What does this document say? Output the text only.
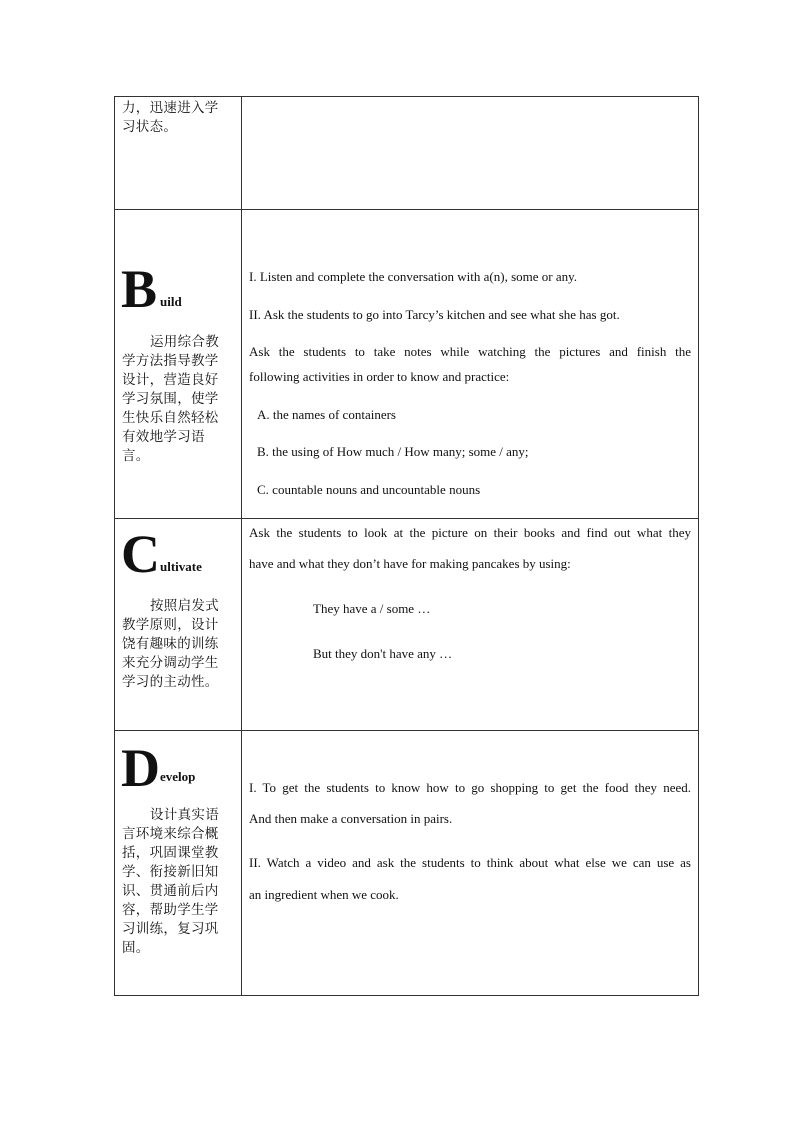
力，迅速进入学习状态。
B uild
运用综合教学方法指导教学设计，营造良好学习氛围，使学生快乐自然轻松有效地学习语言。
I. Listen and complete the conversation with a(n), some or any.
II. Ask the students to go into Tarcy’s kitchen and see what she has got.
Ask the students to take notes while watching the pictures and finish the
following activities in order to know and practice:
A. the names of containers
B. the using of How much / How many; some / any;
C. countable nouns and uncountable nouns
C ultivate
按照启发式教学原则，设计饶有趣味的训练来充分调动学生学习的主动性。
Ask the students to look at the picture on their books and find out what they
have and what they don’t have for making pancakes by using:
They have a / some …
But they don't have any …
D evelop
设计真实语言环境来综合概括，巩固课堂教学、衔接新旧知识、贯通前后内容，帮助学生学习训练，复习巩固。
I. To get the students to know how to go shopping to get the food they need.
And then make a conversation in pairs.
II. Watch a video and ask the students to think about what else we can use as
an ingredient when we cook.
